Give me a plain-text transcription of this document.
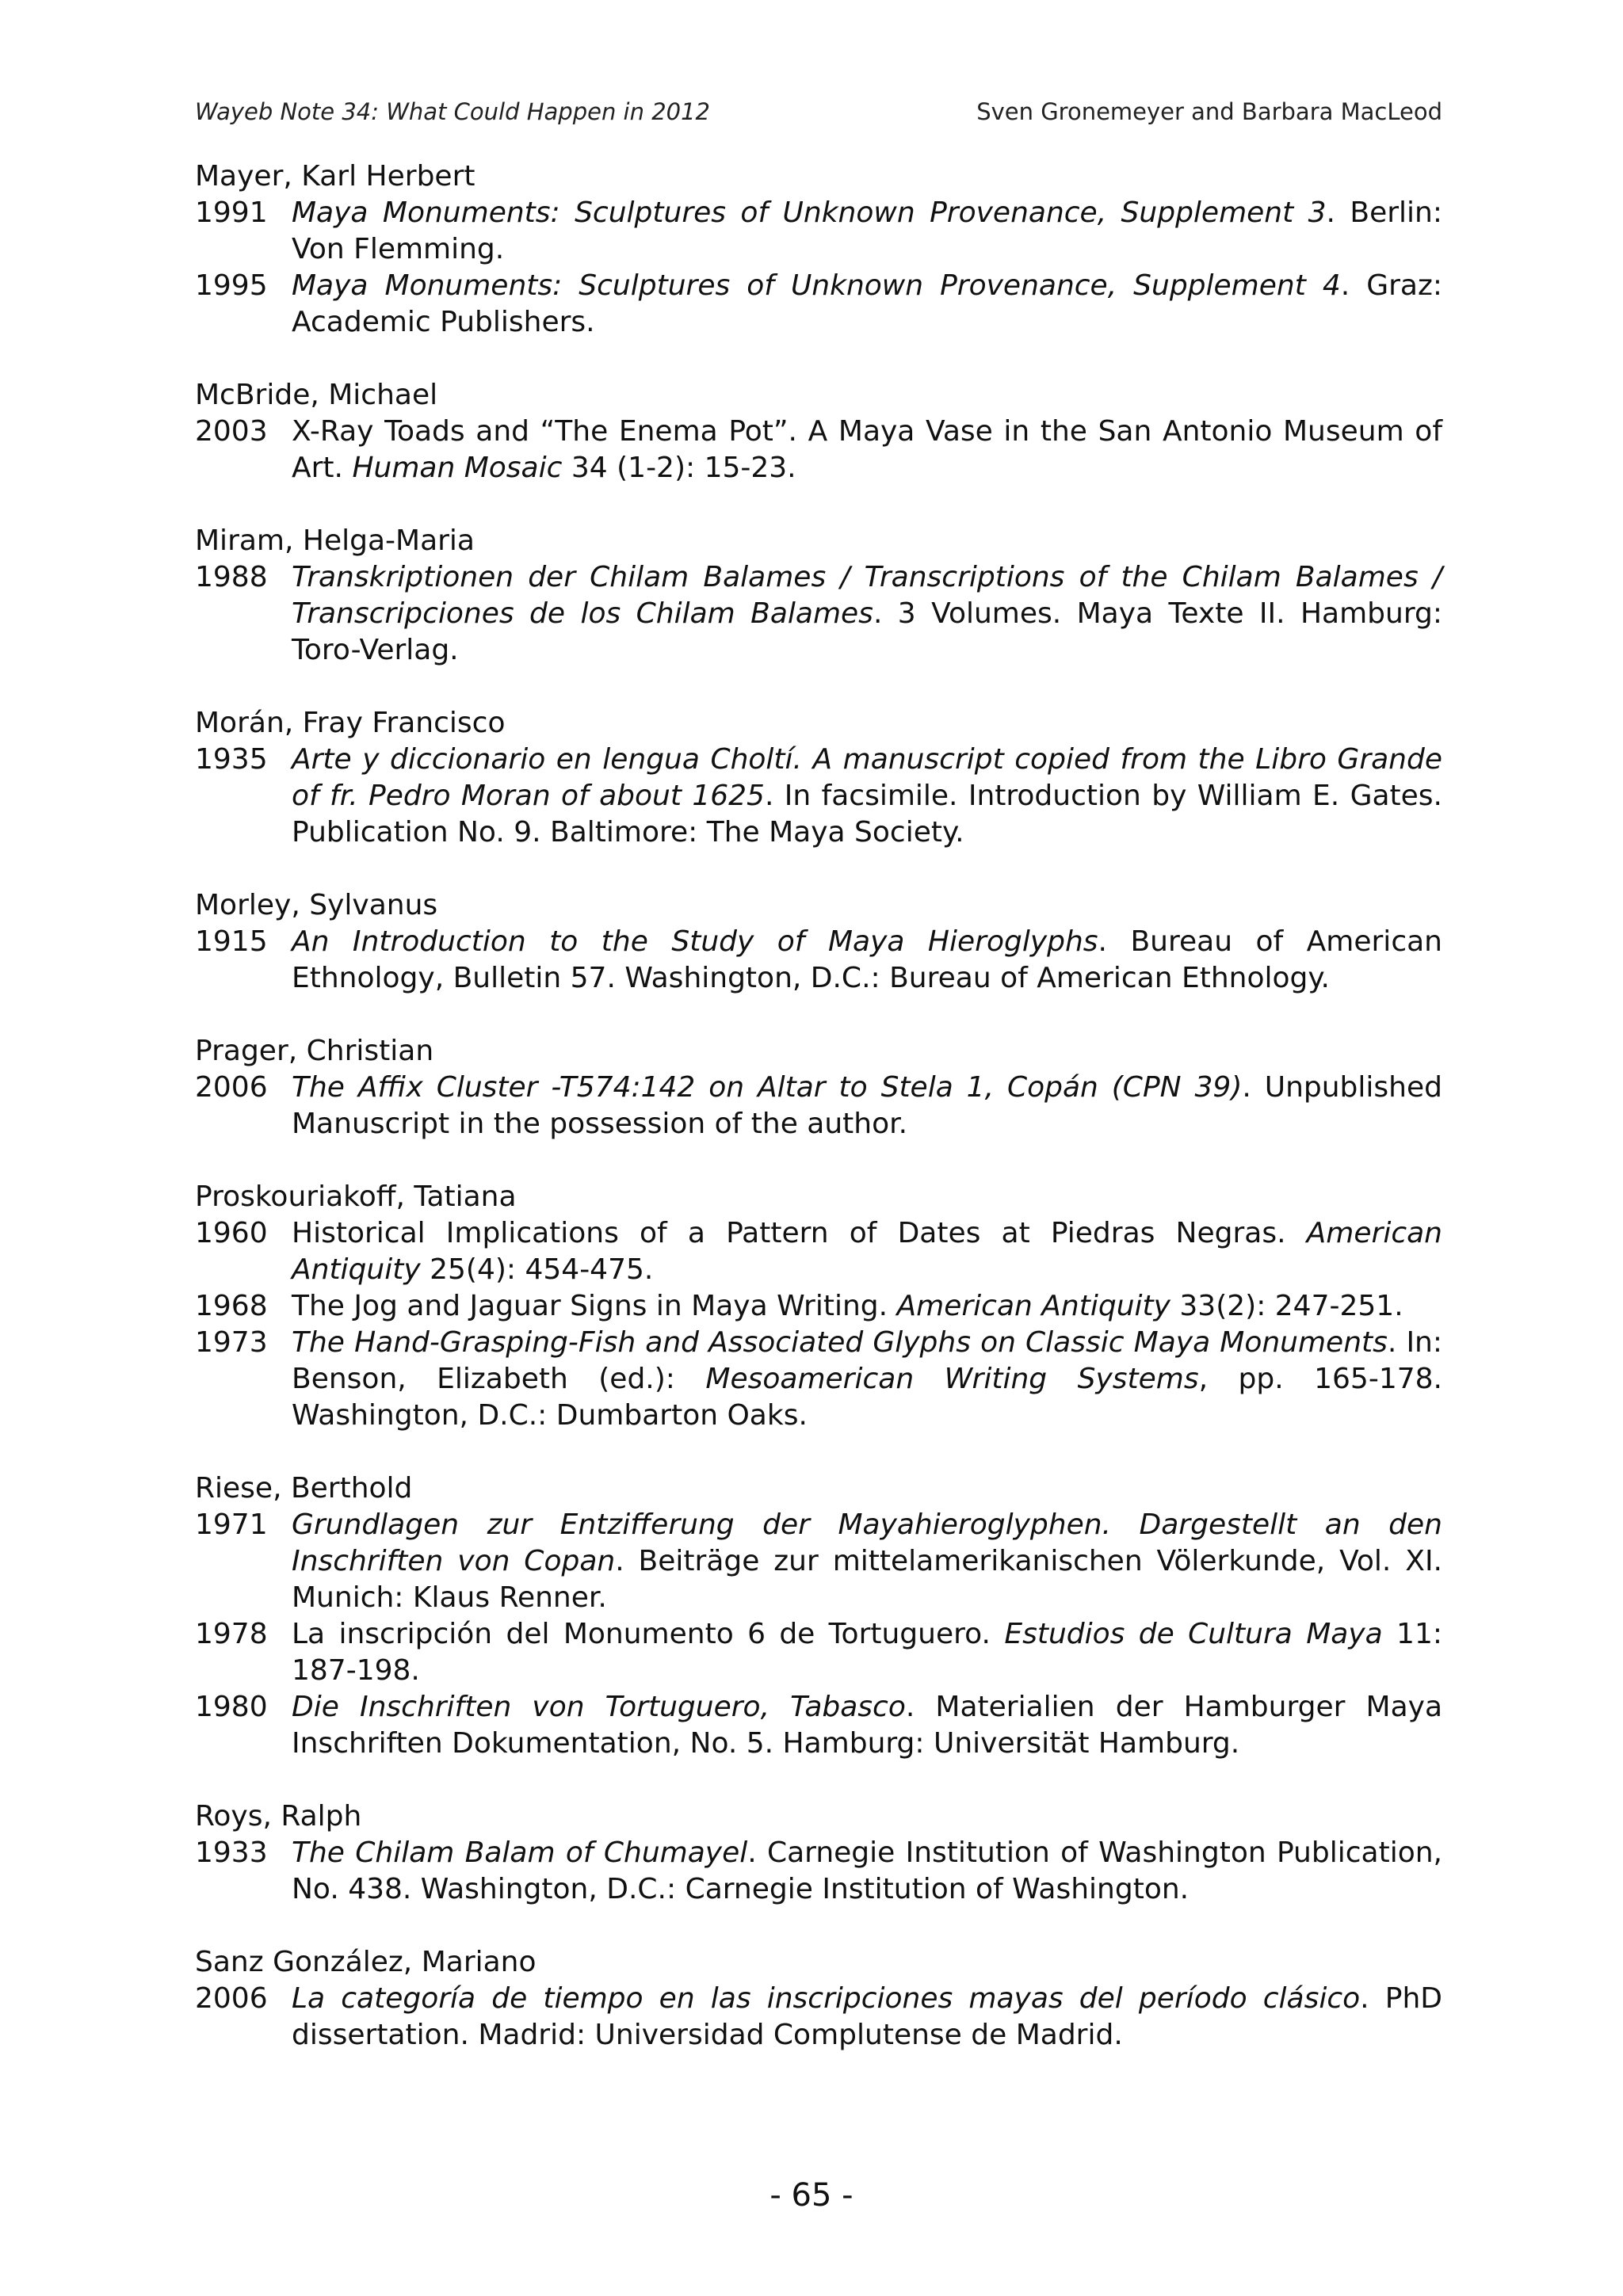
Wayeb Note 34: What Could Happen in 2012	Sven Gronemeyer and Barbara MacLeod
Mayer, Karl Herbert
1991 Maya Monuments: Sculptures of Unknown Provenance, Supplement 3. Berlin: Von Flemming.
1995 Maya Monuments: Sculptures of Unknown Provenance, Supplement 4. Graz: Academic Publishers.
McBride, Michael
2003 X-Ray Toads and “The Enema Pot”. A Maya Vase in the San Antonio Museum of Art. Human Mosaic 34 (1-2): 15-23.
Miram, Helga-Maria
1988 Transkriptionen der Chilam Balames / Transcriptions of the Chilam Balames / Transcripciones de los Chilam Balames. 3 Volumes. Maya Texte II. Hamburg: Toro-Verlag.
Morán, Fray Francisco
1935 Arte y diccionario en lengua Choltí. A manuscript copied from the Libro Grande of fr. Pedro Moran of about 1625. In facsimile. Introduction by William E. Gates. Publication No. 9. Baltimore: The Maya Society.
Morley, Sylvanus
1915 An Introduction to the Study of Maya Hieroglyphs. Bureau of American Ethnology, Bulletin 57. Washington, D.C.: Bureau of American Ethnology.
Prager, Christian
2006 The Affix Cluster -T574:142 on Altar to Stela 1, Copán (CPN 39). Unpublished Manuscript in the possession of the author.
Proskouriakoff, Tatiana
1960 Historical Implications of a Pattern of Dates at Piedras Negras. American Antiquity 25(4): 454-475.
1968 The Jog and Jaguar Signs in Maya Writing. American Antiquity 33(2): 247-251.
1973 The Hand-Grasping-Fish and Associated Glyphs on Classic Maya Monuments. In: Benson, Elizabeth (ed.): Mesoamerican Writing Systems, pp. 165-178. Washington, D.C.: Dumbarton Oaks.
Riese, Berthold
1971 Grundlagen zur Entzifferung der Mayahieroglyphen. Dargestellt an den Inschriften von Copan. Beiträge zur mittelamerikanischen Völerkunde, Vol. XI. Munich: Klaus Renner.
1978 La inscripción del Monumento 6 de Tortuguero. Estudios de Cultura Maya 11: 187-198.
1980 Die Inschriften von Tortuguero, Tabasco. Materialien der Hamburger Maya Inschriften Dokumentation, No. 5. Hamburg: Universität Hamburg.
Roys, Ralph
1933 The Chilam Balam of Chumayel. Carnegie Institution of Washington Publication, No. 438. Washington, D.C.: Carnegie Institution of Washington.
Sanz González, Mariano
2006 La categoría de tiempo en las inscripciones mayas del período clásico. PhD dissertation. Madrid: Universidad Complutense de Madrid.
- 65 -
